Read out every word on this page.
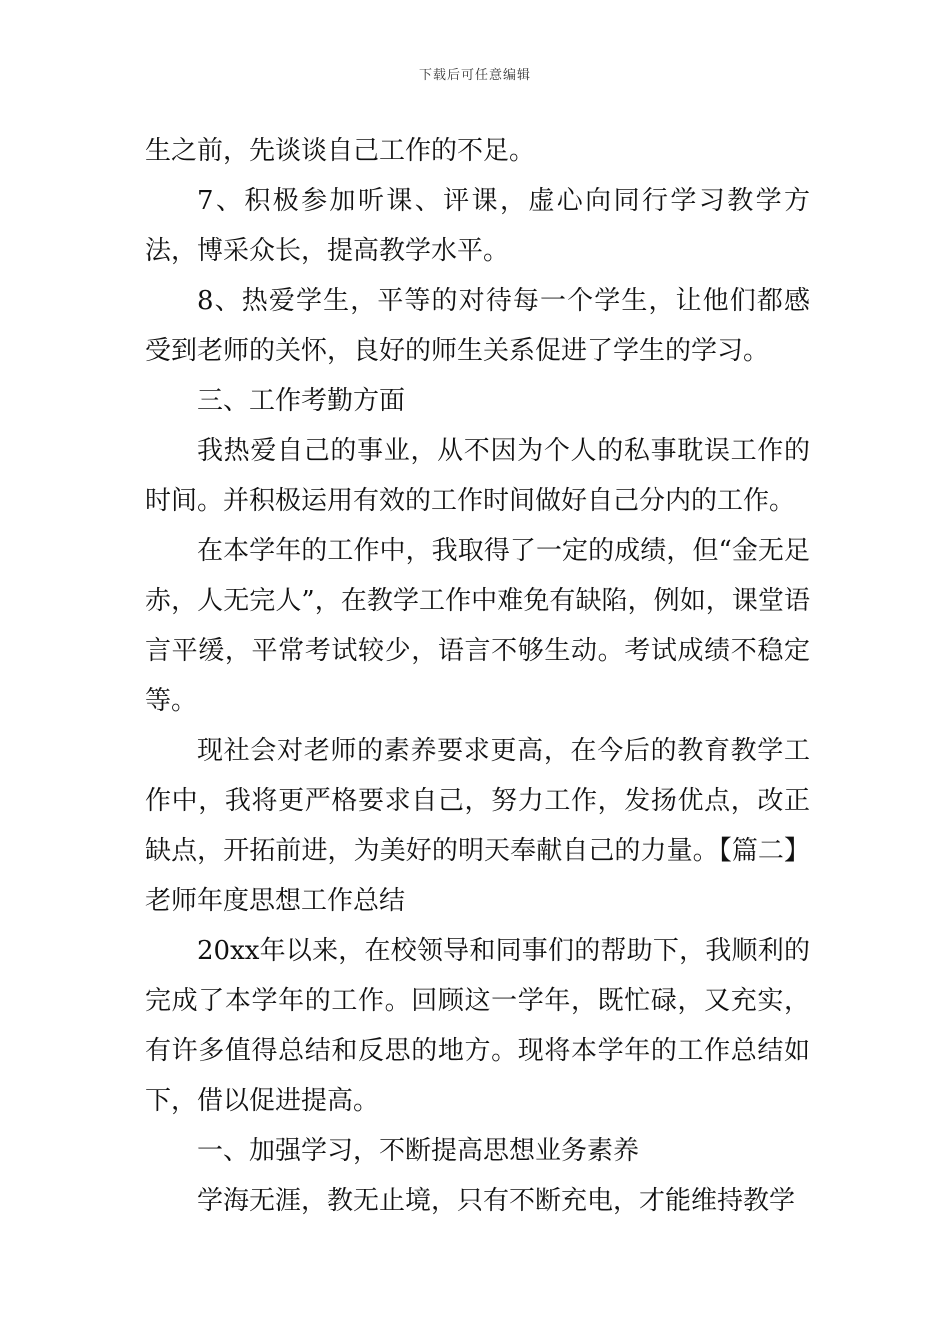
下载后可任意编辑

生之前，先谈谈自己工作的不足。

7、积极参加听课、评课，虚心向同行学习教学方法，博采众长，提高教学水平。

8、热爱学生，平等的对待每一个学生，让他们都感受到老师的关怀，良好的师生关系促进了学生的学习。

三、工作考勤方面

我热爱自己的事业，从不因为个人的私事耽误工作的时间。并积极运用有效的工作时间做好自己分内的工作。

在本学年的工作中，我取得了一定的成绩，但“金无足赤，人无完人”，在教学工作中难免有缺陷，例如，课堂语言平缓，平常考试较少，语言不够生动。考试成绩不稳定等。

现社会对老师的素养要求更高，在今后的教育教学工作中，我将更严格要求自己，努力工作，发扬优点，改正缺点，开拓前进，为美好的明天奉献自己的力量。【篇二】老师年度思想工作总结

20xx年以来，在校领导和同事们的帮助下，我顺利的完成了本学年的工作。回顾这一学年，既忙碌，又充实，有许多值得总结和反思的地方。现将本学年的工作总结如下，借以促进提高。

一、加强学习，不断提高思想业务素养

学海无涯，教无止境，只有不断充电，才能维持教学
